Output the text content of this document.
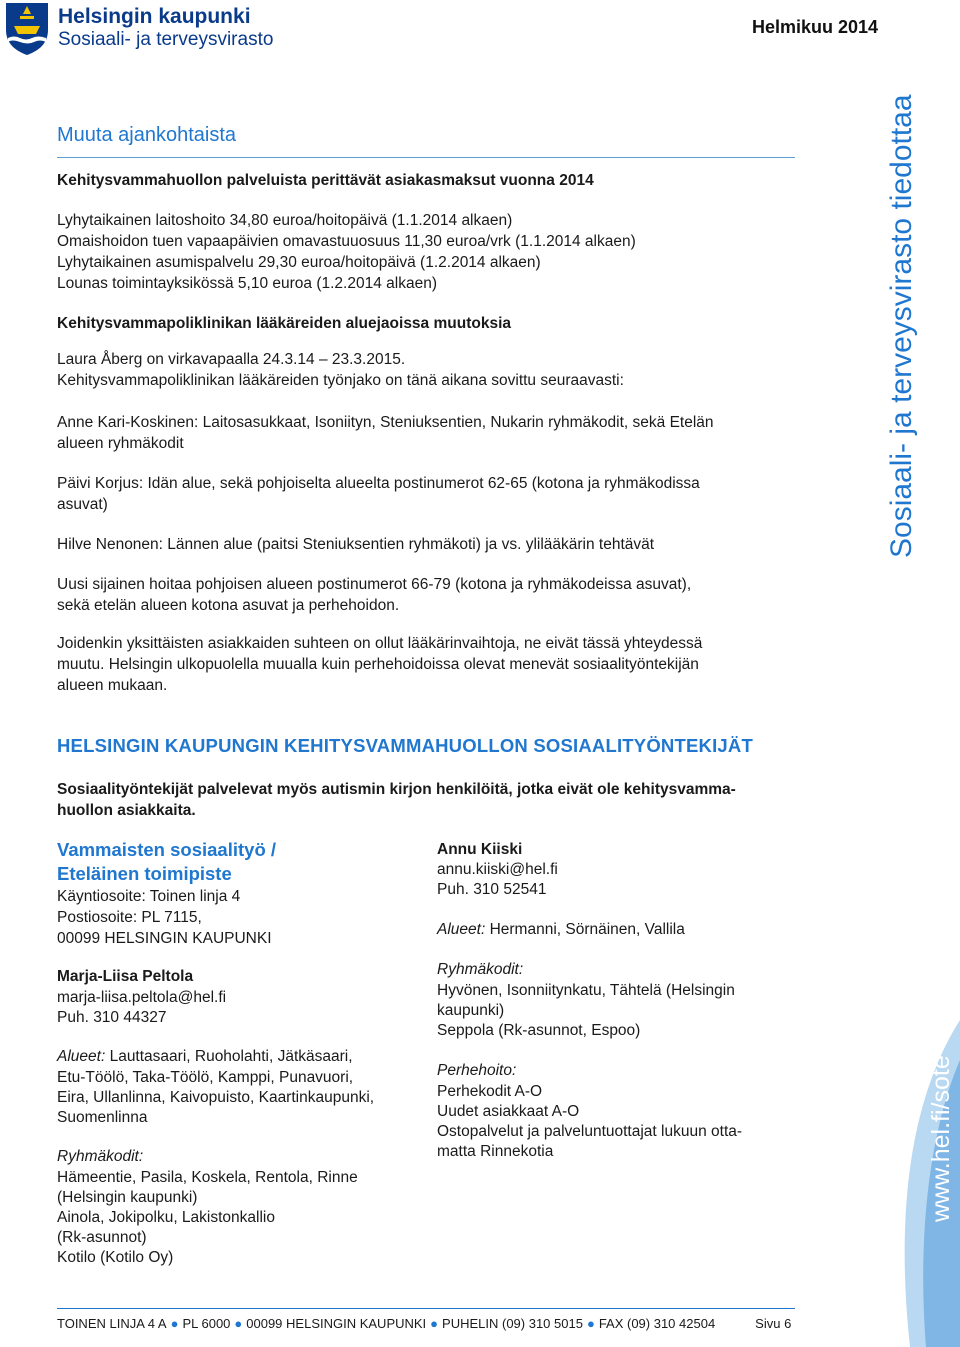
Helsingin kaupunki
Sosiaali- ja terveysvirasto
Helmikuu 2014
Sosiaali- ja terveysvirasto tiedottaa
www.hel.fi/sote
Muuta ajankohtaista
Kehitysvammahuollon palveluista perittävät asiakasmaksut vuonna 2014
Lyhytaikainen laitoshoito 34,80 euroa/hoitopäivä (1.1.2014 alkaen)
Omaishoidon tuen vapaapäivien omavastuuosuus 11,30 euroa/vrk (1.1.2014 alkaen)
Lyhytaikainen asumispalvelu 29,30 euroa/hoitopäivä (1.2.2014 alkaen)
Lounas toimintayksikössä 5,10 euroa (1.2.2014 alkaen)
Kehitysvammapoliklinikan lääkäreiden aluejaoissa muutoksia
Laura Åberg on virkavapaalla 24.3.14 – 23.3.2015.
Kehitysvammapoliklinikan lääkäreiden työnjako on tänä aikana sovittu seuraavasti:
Anne Kari-Koskinen: Laitosasukkaat, Isoniityn, Steniuksentien, Nukarin ryhmäkodit, sekä Etelän
alueen ryhmäkodit
Päivi Korjus: Idän alue, sekä pohjoiselta alueelta postinumerot 62-65 (kotona ja ryhmäkodissa
asuvat)
Hilve Nenonen: Lännen alue (paitsi Steniuksentien ryhmäkoti) ja vs. ylilääkärin tehtävät
Uusi sijainen hoitaa pohjoisen alueen postinumerot 66-79 (kotona ja ryhmäkodeissa asuvat),
sekä etelän alueen kotona asuvat ja perhehoidon.
Joidenkin yksittäisten asiakkaiden suhteen on ollut lääkärinvaihtoja, ne eivät tässä yhteydessä
muutu. Helsingin ulkopuolella muualla kuin perhehoidoissa olevat menevät sosiaalityöntekijän
alueen mukaan.
HELSINGIN KAUPUNGIN KEHITYSVAMMAHUOLLON SOSIAALITYÖNTEKIJÄT
Sosiaalityöntekijät palvelevat myös autismin kirjon henkilöitä, jotka eivät ole kehitysvamma-
huollon asiakkaita.
Vammaisten sosiaalityö /
Eteläinen toimipiste
Käyntiosoite: Toinen linja 4
Postiosoite: PL 7115,
00099 HELSINGIN KAUPUNKI
Marja-Liisa Peltola
marja-liisa.peltola@hel.fi
Puh. 310 44327
Alueet: Lauttasaari, Ruoholahti, Jätkäsaari,
Etu-Töölö, Taka-Töölö, Kamppi, Punavuori,
Eira, Ullanlinna, Kaivopuisto, Kaartinkaupunki,
Suomenlinna
Ryhmäkodit:
Hämeentie, Pasila, Koskela, Rentola, Rinne
(Helsingin kaupunki)
Ainola, Jokipolku, Lakistonkallio
(Rk-asunnot)
Kotilo (Kotilo Oy)
Annu Kiiski
annu.kiiski@hel.fi
Puh. 310 52541
Alueet: Hermanni, Sörnäinen, Vallila
Ryhmäkodit:
Hyvönen, Isonniitynkatu, Tähtelä (Helsingin
kaupunki)
Seppola (Rk-asunnot, Espoo)
Perhehoito:
Perhekodit A-O
Uudet asiakkaat A-O
Ostopalvelut ja palveluntuottajat lukuun otta-
matta Rinnekotia
TOINEN LINJA 4 A ● PL 6000 ● 00099 HELSINGIN KAUPUNKI ● PUHELIN (09) 310 5015 ● FAX (09) 310 42504	Sivu 6
